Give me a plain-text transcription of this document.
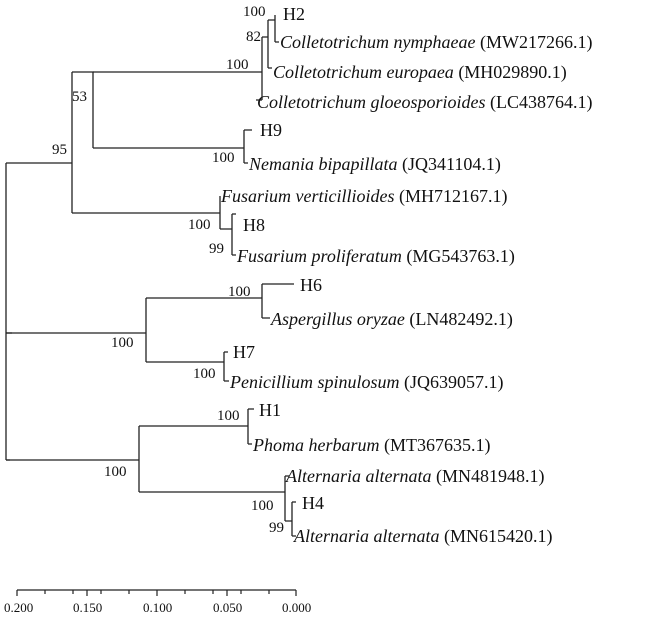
H2
Colletotrichum nymphaeae (MW217266.1)
Colletotrichum europaea (MH029890.1)
Colletotrichum gloeosporioides (LC438764.1)
H9
Nemania bipapillata (JQ341104.1)
Fusarium verticillioides (MH712167.1)
H8
Fusarium proliferatum (MG543763.1)
H6
Aspergillus oryzae (LN482492.1)
H7
Penicillium spinulosum (JQ639057.1)
H1
Phoma herbarum (MT367635.1)
Alternaria alternata (MN481948.1)
H4
Alternaria alternata (MN615420.1)
100
82
100
53
100
95
100
99
100
100
100
100
100
100
99
0.200	0.150	0.100	0.050	0.000
